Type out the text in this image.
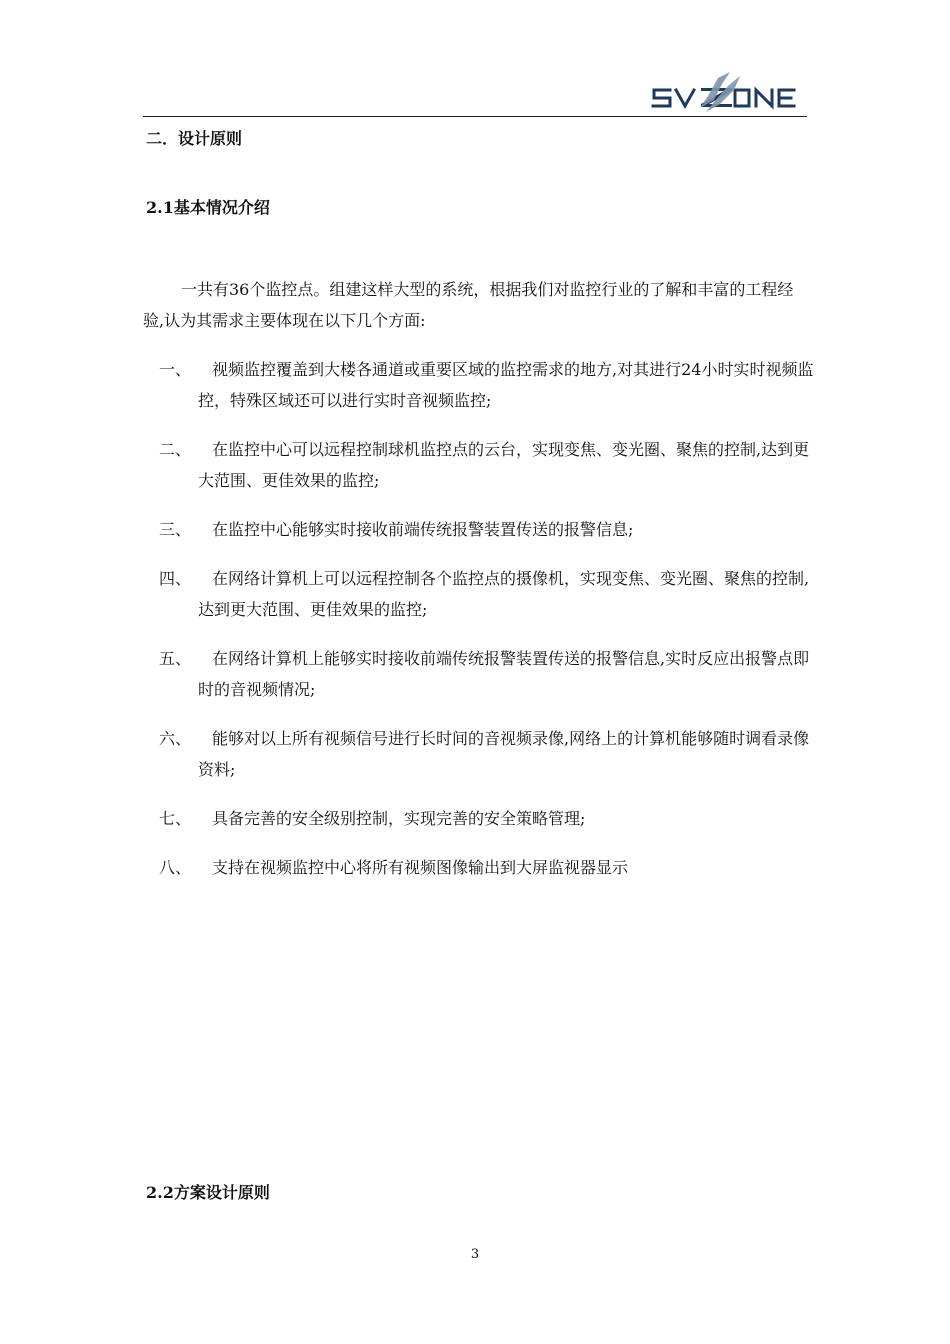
SVZONE
二．设计原则
2.1基本情况介绍

一共有36个监控点。组建这样大型的系统，根据我们对监控行业的了解和丰富的工程经验,认为其需求主要体现在以下几个方面:

一、	视频监控覆盖到大楼各通道或重要区域的监控需求的地方,对其进行24小时实时视频监控，特殊区域还可以进行实时音视频监控;
二、	在监控中心可以远程控制球机监控点的云台，实现变焦、变光圈、聚焦的控制,达到更大范围、更佳效果的监控;
三、	在监控中心能够实时接收前端传统报警装置传送的报警信息;
四、	在网络计算机上可以远程控制各个监控点的摄像机，实现变焦、变光圈、聚焦的控制,达到更大范围、更佳效果的监控;
五、	在网络计算机上能够实时接收前端传统报警装置传送的报警信息,实时反应出报警点即时的音视频情况;
六、	能够对以上所有视频信号进行长时间的音视频录像,网络上的计算机能够随时调看录像资料;
七、	具备完善的安全级别控制，实现完善的安全策略管理;
八、	支持在视频监控中心将所有视频图像输出到大屏监视器显示
2.2方案设计原则
3
